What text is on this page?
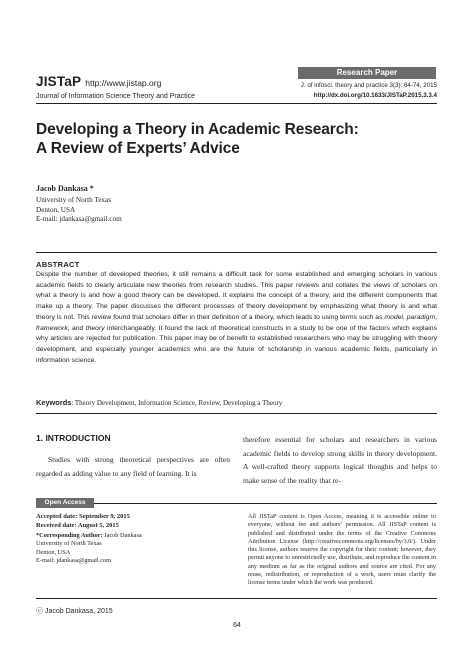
JISTaP http://www.jistap.org
Journal of Information Science Theory and Practice
Research Paper
J. of infosci. theory and practice 3(3): 64-74, 2015
http://dx.doi.org/10.1633/JISTaP.2015.3.3.4
Developing a Theory in Academic Research:
A Review of Experts’ Advice
Jacob Dankasa *
University of North Texas
Denton, USA
E-mail: jdankasa@gmail.com
ABSTRACT
Despite the number of developed theories, it still remains a difficult task for some established and emerging scholars in various academic fields to clearly articulate new theories from research studies. This paper reviews and collates the views of scholars on what a theory is and how a good theory can be developed. It explains the concept of a theory, and the different components that make up a theory. The paper discusses the different processes of theory development by emphasizing what theory is and what theory is not. This review found that scholars differ in their definition of a theory, which leads to using terms such as model, paradigm, framework, and theory interchangeably. It found the lack of theoretical constructs in a study to be one of the factors which explains why articles are rejected for publication. This paper may be of benefit to established researchers who may be struggling with theory development, and especially younger academics who are the future of scholarship in various academic fields, particularly in information science.
Keywords: Theory Development, Information Science, Review, Developing a Theory
1. INTRODUCTION
Studies with strong theoretical perspectives are often regarded as adding value to any field of learning. It is
therefore essential for scholars and researchers in various academic fields to develop strong skills in theory development. A well-crafted theory supports logical thoughts and helps to make sense of the reality that re-
Open Access
Accepted date: September 9, 2015
Received date: August 5, 2015
*Corresponding Author: Jacob Dankasa
University of North Texas
Denton, USA
E-mail: jdankasa@gmail.com
All JISTaP content is Open Access, meaning it is accessible online to everyone, without fee and authors’ permission. All JISTaP content is published and distributed under the terms of the Creative Commons Attribution License (http://creativecommons.org/licenses/by/3.0/). Under this license, authors reserve the copyright for their content; however, they permit anyone to unrestrictedly use, distribute, and reproduce the content in any medium as far as the original authors and source are cited. For any reuse, redistribution, or reproduction of a work, users must clarify the license terms under which the work was produced.
ⓒ Jacob Dankasa, 2015
64
